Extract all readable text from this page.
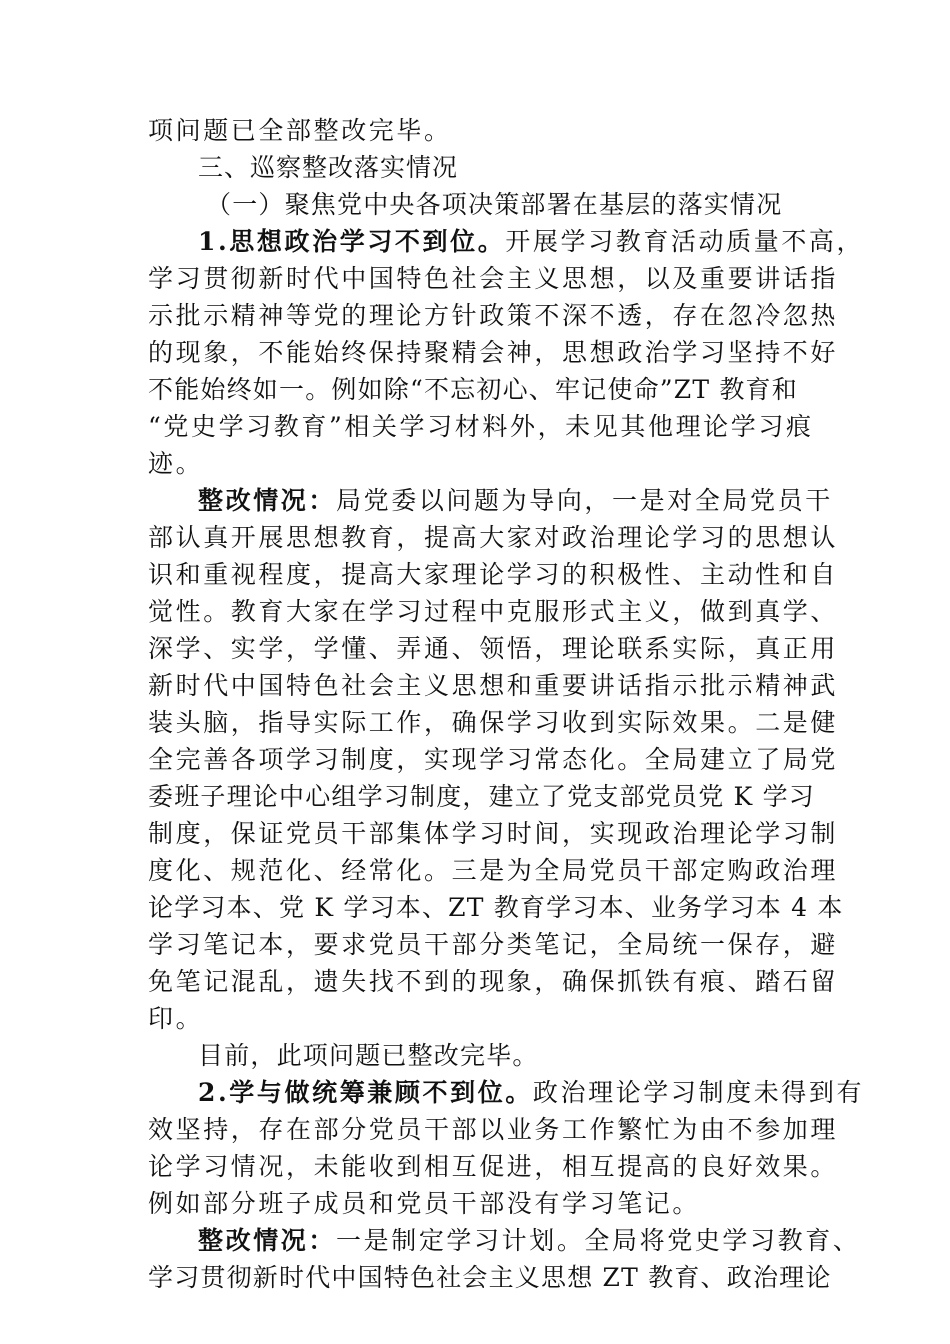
项问题已全部整改完毕。
三、巡察整改落实情况
（一）聚焦党中央各项决策部署在基层的落实情况
1.思想政治学习不到位。开展学习教育活动质量不高，
学习贯彻新时代中国特色社会主义思想，以及重要讲话指
示批示精神等党的理论方针政策不深不透，存在忽冷忽热
的现象，不能始终保持聚精会神，思想政治学习坚持不好
不能始终如一。例如除“不忘初心、牢记使命”ZT 教育和
“党史学习教育”相关学习材料外，未见其他理论学习痕
迹。
整改情况：局党委以问题为导向，一是对全局党员干
部认真开展思想教育，提高大家对政治理论学习的思想认
识和重视程度，提高大家理论学习的积极性、主动性和自
觉性。教育大家在学习过程中克服形式主义，做到真学、
深学、实学，学懂、弄通、领悟，理论联系实际，真正用
新时代中国特色社会主义思想和重要讲话指示批示精神武
装头脑，指导实际工作，确保学习收到实际效果。二是健
全完善各项学习制度，实现学习常态化。全局建立了局党
委班子理论中心组学习制度，建立了党支部党员党 K 学习
制度，保证党员干部集体学习时间，实现政治理论学习制
度化、规范化、经常化。三是为全局党员干部定购政治理
论学习本、党 K 学习本、ZT 教育学习本、业务学习本 4 本
学习笔记本，要求党员干部分类笔记，全局统一保存，避
免笔记混乱，遗失找不到的现象，确保抓铁有痕、踏石留
印。
目前，此项问题已整改完毕。
2.学与做统筹兼顾不到位。政治理论学习制度未得到有
效坚持，存在部分党员干部以业务工作繁忙为由不参加理
论学习情况，未能收到相互促进，相互提高的良好效果。
例如部分班子成员和党员干部没有学习笔记。
整改情况：一是制定学习计划。全局将党史学习教育、
学习贯彻新时代中国特色社会主义思想 ZT 教育、政治理论
